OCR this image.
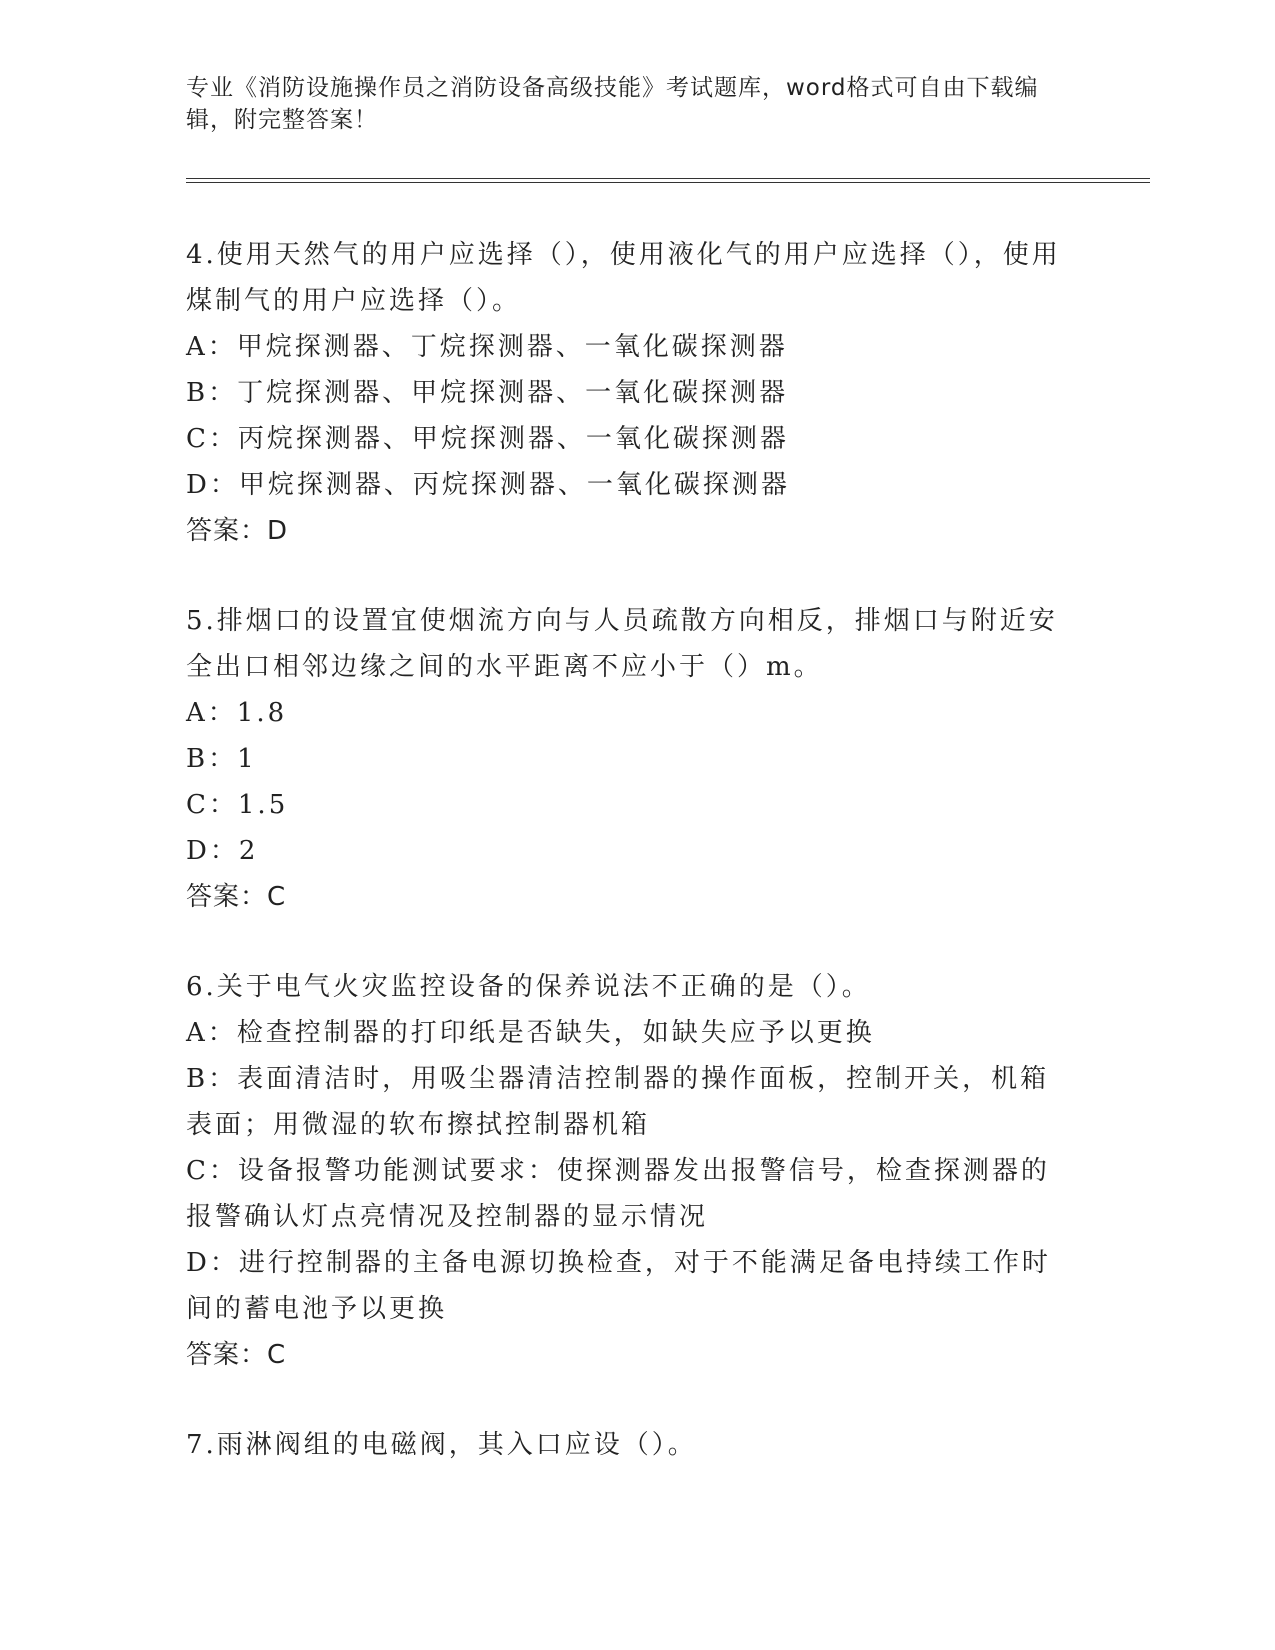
专业《消防设施操作员之消防设备高级技能》考试题库，word格式可自由下载编辑，附完整答案！
4.使用天然气的用户应选择（），使用液化气的用户应选择（），使用煤制气的用户应选择（）。
A：甲烷探测器、丁烷探测器、一氧化碳探测器
B：丁烷探测器、甲烷探测器、一氧化碳探测器
C：丙烷探测器、甲烷探测器、一氧化碳探测器
D：甲烷探测器、丙烷探测器、一氧化碳探测器
答案：D
5.排烟口的设置宜使烟流方向与人员疏散方向相反，排烟口与附近安全出口相邻边缘之间的水平距离不应小于（）m。
A：1.8
B：1
C：1.5
D：2
答案：C
6.关于电气火灾监控设备的保养说法不正确的是（）。
A：检查控制器的打印纸是否缺失，如缺失应予以更换
B：表面清洁时，用吸尘器清洁控制器的操作面板，控制开关，机箱表面；用微湿的软布擦拭控制器机箱
C：设备报警功能测试要求：使探测器发出报警信号，检查探测器的报警确认灯点亮情况及控制器的显示情况
D：进行控制器的主备电源切换检查，对于不能满足备电持续工作时间的蓄电池予以更换
答案：C
7.雨淋阀组的电磁阀，其入口应设（）。
